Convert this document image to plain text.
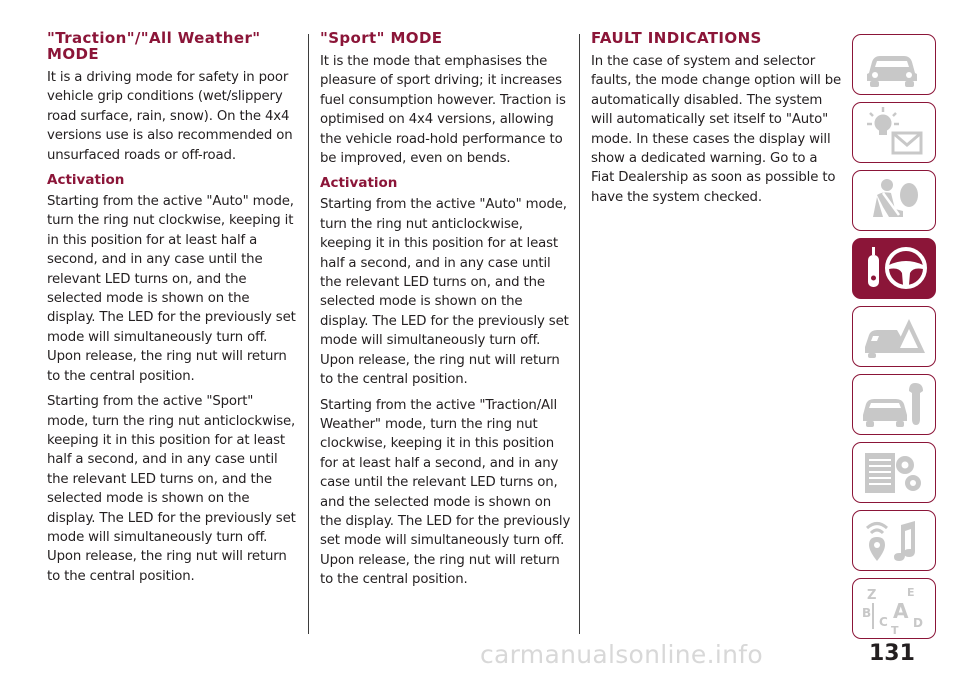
"Traction"/"All Weather" MODE

It is a driving mode for safety in poor vehicle grip conditions (wet/slippery road surface, rain, snow). On the 4x4 versions use is also recommended on unsurfaced roads or off-road.

Activation

Starting from the active "Auto" mode, turn the ring nut clockwise, keeping it in this position for at least half a second, and in any case until the relevant LED turns on, and the selected mode is shown on the display. The LED for the previously set mode will simultaneously turn off. Upon release, the ring nut will return to the central position.

Starting from the active "Sport" mode, turn the ring nut anticlockwise, keeping it in this position for at least half a second, and in any case until the relevant LED turns on, and the selected mode is shown on the display. The LED for the previously set mode will simultaneously turn off. Upon release, the ring nut will return to the central position.

"Sport" MODE

It is the mode that emphasises the pleasure of sport driving; it increases fuel consumption however. Traction is optimised on 4x4 versions, allowing the vehicle road-hold performance to be improved, even on bends.

Activation

Starting from the active "Auto" mode, turn the ring nut anticlockwise, keeping it in this position for at least half a second, and in any case until the relevant LED turns on, and the selected mode is shown on the display. The LED for the previously set mode will simultaneously turn off. Upon release, the ring nut will return to the central position.

Starting from the active "Traction/All Weather" mode, turn the ring nut clockwise, keeping it in this position for at least half a second, and in any case until the relevant LED turns on, and the selected mode is shown on the display. The LED for the previously set mode will simultaneously turn off. Upon release, the ring nut will return to the central position.

FAULT INDICATIONS

In the case of system and selector faults, the mode change option will be automatically disabled. The system will automatically set itself to "Auto" mode. In these cases the display will show a dedicated warning. Go to a Fiat Dealership as soon as possible to have the system checked.

Z	E
B A
C D
T
carmanualsonline.info	131
